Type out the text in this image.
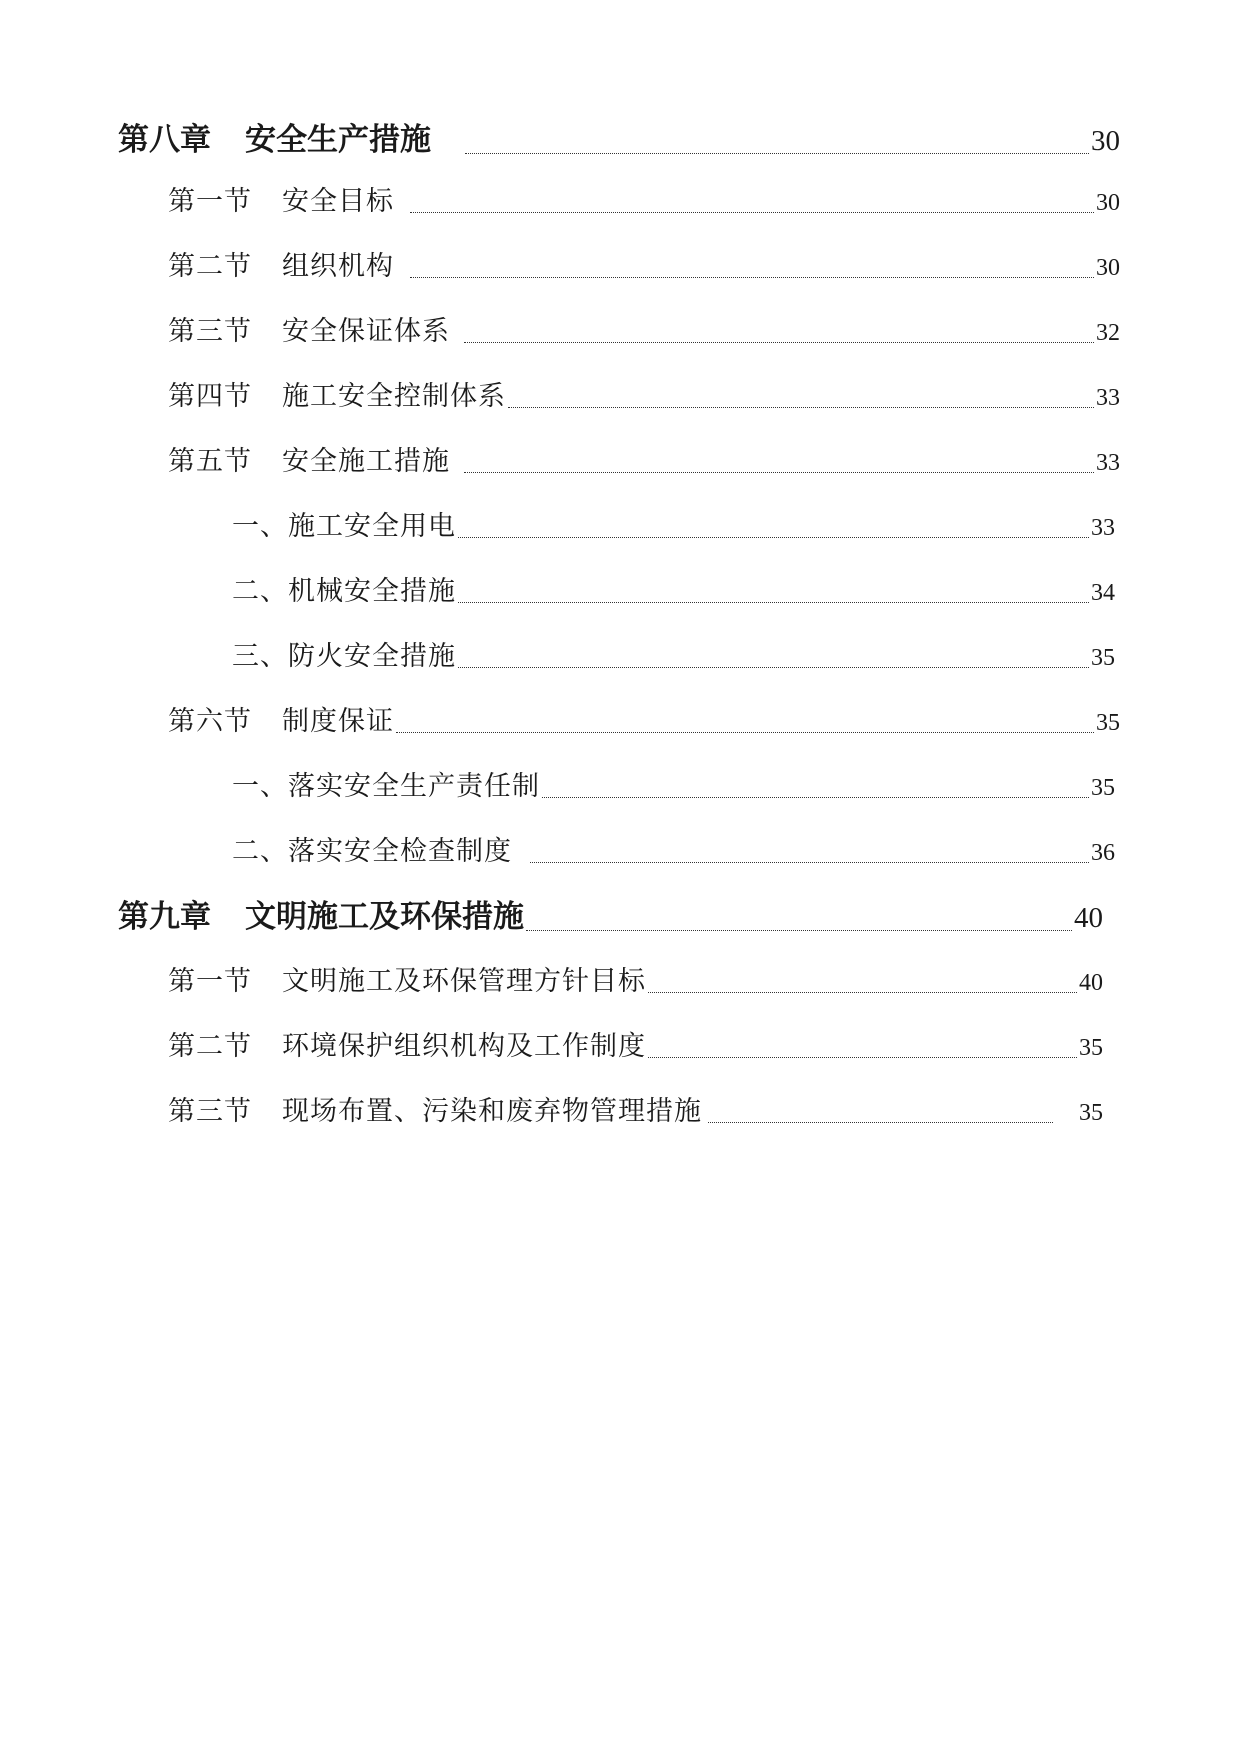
第八章 安全生产措施	30
第一节 安全目标	30
第二节 组织机构	30
第三节 安全保证体系	32
第四节 施工安全控制体系	33
第五节 安全施工措施	33
一、 施工安全用电	33
二、 机械安全措施	34
三、 防火安全措施	35
第六节 制度保证	35
一、 落实安全生产责任制	35
二、 落实安全检查制度	36
第九章 文明施工及环保措施	40
第一节 文明施工及环保管理方针目标	40
第二节 环境保护组织机构及工作制度	35
第三节 现场布置、污染和废弃物管理措施	35
